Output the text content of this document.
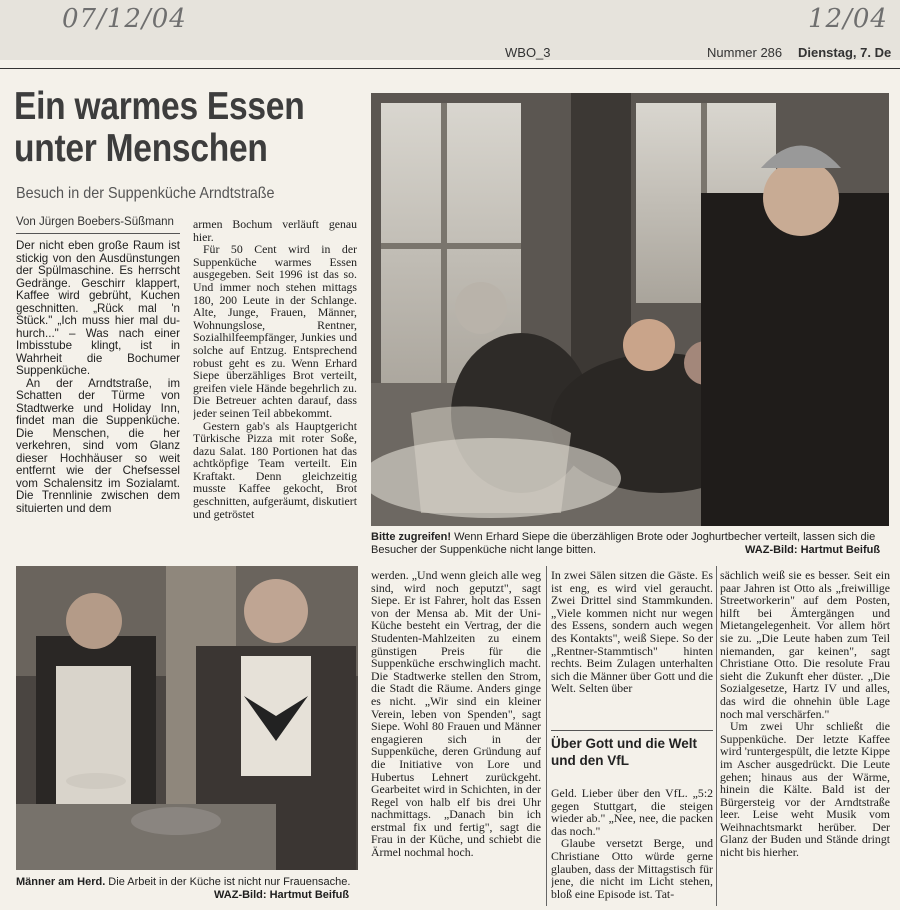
07/12/04	12/04
WBO_3	Nummer 286 Dienstag, 7. De
Ein warmes Essen unter Menschen
Besuch in der Suppenküche Arndtstraße
Von Jürgen Boebers-Süßmann

Der nicht eben große Raum ist stickig von den Ausdünstungen der Spülmaschine. Es herrscht Gedränge. Geschirr klappert, Kaffee wird gebrüht, Kuchen geschnitten. „Rück mal 'n Stück." „Ich muss hier mal du-hurch..." – Was nach einer Imbisstube klingt, ist in Wahrheit die Bochumer Suppenküche.

An der Arndtstraße, im Schatten der Türme von Stadtwerke und Holiday Inn, findet man die Suppenküche. Die Menschen, die her verkehren, sind vom Glanz dieser Hochhäuser so weit entfernt wie der Chefsessel vom Schalensitz im Sozialamt. Die Trennlinie zwischen dem situierten und dem

armen Bochum verläuft genau hier.

Für 50 Cent wird in der Suppenküche warmes Essen ausgegeben. Seit 1996 ist das so. Und immer noch stehen mittags 180, 200 Leute in der Schlange. Alte, Junge, Frauen, Männer, Wohnungslose, Rentner, Sozialhilfeempfänger, Junkies und solche auf Entzug. Entsprechend robust geht es zu. Wenn Erhard Siepe überzähliges Brot verteilt, greifen viele Hände begehrlich zu. Die Betreuer achten darauf, dass jeder seinen Teil abbekommt.

Gestern gab's als Hauptgericht Türkische Pizza mit roter Soße, dazu Salat. 180 Portionen hat das achtköpfige Team verteilt. Ein Kraftakt. Denn gleichzeitig musste Kaffee gekocht, Brot geschnitten, aufgeräumt, diskutiert und getröstet

Bitte zugreifen! Wenn Erhard Siepe die überzähligen Brote oder Joghurtbecher verteilt, lassen sich die Besucher der Suppenküche nicht lange bitten.	WAZ-Bild: Hartmut Beifuß
Männer am Herd. Die Arbeit in der Küche ist nicht nur Frauensache.
WAZ-Bild: Hartmut Beifuß

werden. „Und wenn gleich alle weg sind, wird noch geputzt", sagt Siepe. Er ist Fahrer, holt das Essen von der Mensa ab. Mit der Uni-Küche besteht ein Vertrag, der die Studenten-Mahlzeiten zu einem günstigen Preis für die Suppenküche erschwinglich macht. Die Stadtwerke stellen den Strom, die Stadt die Räume. Anders ginge es nicht. „Wir sind ein kleiner Verein, leben von Spenden", sagt Siepe. Wohl 80 Frauen und Männer engagieren sich in der Suppenküche, deren Gründung auf die Initiative von Lore und Hubertus Lehnert zurückgeht. Gearbeitet wird in Schichten, in der Regel von halb elf bis drei Uhr nachmittags. „Danach bin ich erstmal fix und fertig", sagt die Frau in der Küche, und schiebt die Ärmel nochmal hoch.

In zwei Sälen sitzen die Gäste. Es ist eng, es wird viel geraucht. Zwei Drittel sind Stammkunden. „Viele kommen nicht nur wegen des Essens, sondern auch wegen des Kontakts", weiß Siepe. So der „Rentner-Stammtisch" hinten rechts. Beim Zulagen unterhalten sich die Männer über Gott und die Welt. Selten über

Über Gott und die Welt und den VfL

Geld. Lieber über den VfL. „5:2 gegen Stuttgart, die steigen wieder ab." „Nee, nee, die packen das noch."

Glaube versetzt Berge, und Christiane Otto würde gerne glauben, dass der Mittagstisch für jene, die nicht im Licht stehen, bloß eine Episode ist. Tat-

sächlich weiß sie es besser. Seit ein paar Jahren ist Otto als „freiwillige Streetworkerin" auf dem Posten, hilft bei Ämtergängen und Mietangelegenheit. Vor allem hört sie zu. „Die Leute haben zum Teil niemanden, gar keinen", sagt Christiane Otto. Die resolute Frau sieht die Zukunft eher düster. „Die Sozialgesetze, Hartz IV und alles, das wird die ohnehin üble Lage noch mal verschärfen."

Um zwei Uhr schließt die Suppenküche. Der letzte Kaffee wird 'runtergespült, die letzte Kippe im Ascher ausgedrückt. Die Leute gehen; hinaus aus der Wärme, hinein die Kälte. Bald ist der Bürgersteig vor der Arndtstraße leer. Leise weht Musik vom Weihnachtsmarkt herüber. Der Glanz der Buden und Stände dringt nicht bis hierher.
